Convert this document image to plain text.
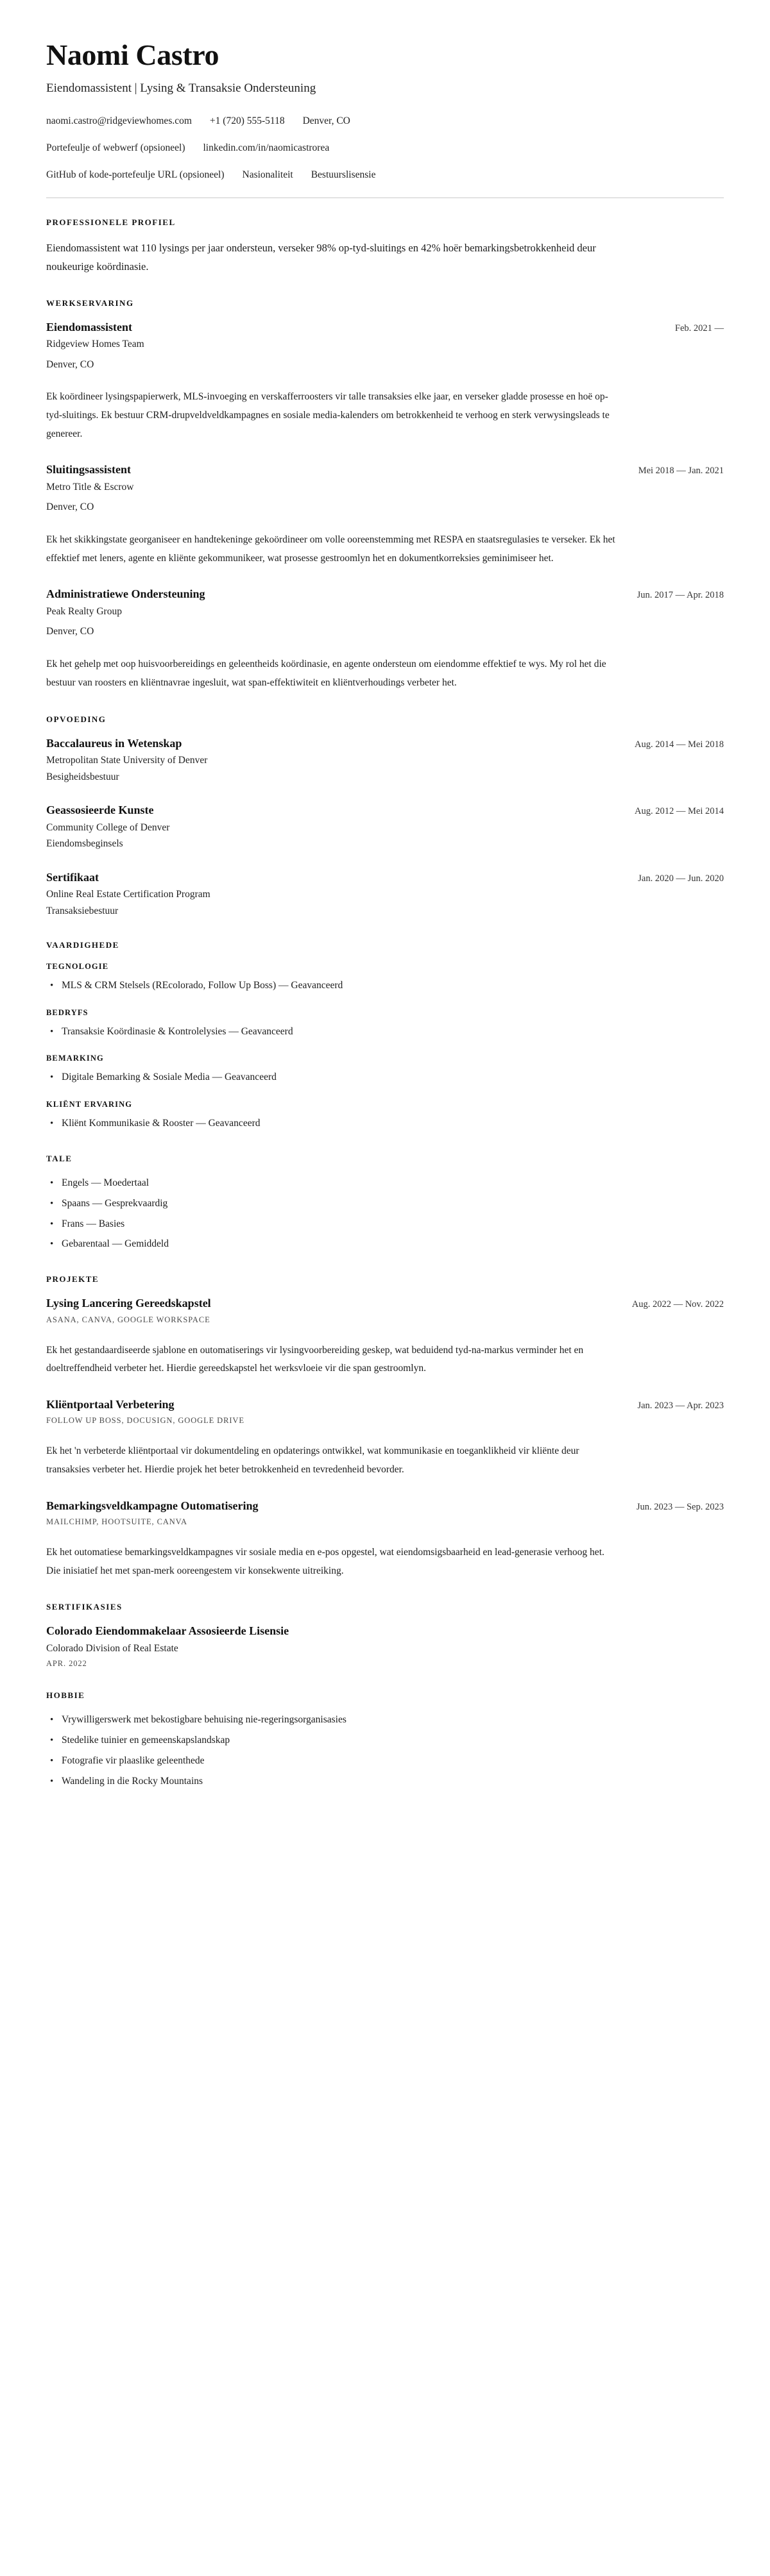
Naomi Castro
Eiendomassistent | Lysing & Transaksie Ondersteuning
naomi.castro@ridgeviewhomes.com +1 (720) 555-5118 Denver, CO
Portefeulje of webwerf (opsioneel) linkedin.com/in/naomicastrorea
GitHub of kode-portefeulje URL (opsioneel) Nasionaliteit Bestuurslisensie
PROFESSIONELE PROFIEL

Eiendomassistent wat 110 lysings per jaar ondersteun, verseker 98% op-tyd-sluitings en 42% hoër bemarkingsbetrokkenheid deur noukeurige koördinasie.

WERKSERVARING
Eiendomassistent	Feb. 2021 —
Ridgeview Homes Team
Denver, CO
Ek koördineer lysingspapierwerk, MLS-invoeging en verskafferroosters vir talle transaksies elke jaar, en verseker gladde prosesse en hoë op-tyd-sluitings. Ek bestuur CRM-drupveldveldkampagnes en sosiale media-kalenders om betrokkenheid te verhoog en sterk verwysingsleads te genereer.
Sluitingsassistent	Mei 2018 — Jan. 2021
Metro Title & Escrow
Denver, CO
Ek het skikkingstate georganiseer en handtekeninge gekoördineer om volle ooreenstemming met RESPA en staatsregulasies te verseker. Ek het effektief met leners, agente en kliënte gekommunikeer, wat prosesse gestroomlyn het en dokumentkorreksies geminimiseer het.
Administratiewe Ondersteuning	Jun. 2017 — Apr. 2018
Peak Realty Group
Denver, CO
Ek het gehelp met oop huisvoorbereidings en geleentheids koördinasie, en agente ondersteun om eiendomme effektief te wys. My rol het die bestuur van roosters en kliëntnavrae ingesluit, wat span-effektiwiteit en kliëntverhoudings verbeter het.
OPVOEDING
Baccalaureus in Wetenskap	Aug. 2014 — Mei 2018
Metropolitan State University of Denver
Besigheidsbestuur
Geassosieerde Kunste	Aug. 2012 — Mei 2014
Community College of Denver
Eiendomsbeginsels
Sertifikaat	Jan. 2020 — Jun. 2020
Online Real Estate Certification Program
Transaksiebestuur
VAARDIGHEDE
TEGNOLOGIE
• MLS & CRM Stelsels (REcolorado, Follow Up Boss) — Geavanceerd
BEDRYFS
• Transaksie Koördinasie & Kontrolelysies — Geavanceerd
BEMARKING
• Digitale Bemarking & Sosiale Media — Geavanceerd
KLIËNT ERVARING
• Kliënt Kommunikasie & Rooster — Geavanceerd
TALE
• Engels — Moedertaal
• Spaans — Gesprekvaardig
• Frans — Basies
• Gebarentaal — Gemiddeld
PROJEKTE
Lysing Lancering Gereedskapstel	Aug. 2022 — Nov. 2022
ASANA, CANVA, GOOGLE WORKSPACE
Ek het gestandaardiseerde sjablone en outomatiserings vir lysingvoorbereiding geskep, wat beduidend tyd-na-markus verminder het en doeltreffendheid verbeter het. Hierdie gereedskapstel het werksvloeie vir die span gestroomlyn.
Kliëntportaal Verbetering	Jan. 2023 — Apr. 2023
FOLLOW UP BOSS, DOCUSIGN, GOOGLE DRIVE
Ek het 'n verbeterde kliëntportaal vir dokumentdeling en opdaterings ontwikkel, wat kommunikasie en toeganklikheid vir kliënte deur transaksies verbeter het. Hierdie projek het beter betrokkenheid en tevredenheid bevorder.
Bemarkingsveldkampagne Outomatisering	Jun. 2023 — Sep. 2023
MAILCHIMP, HOOTSUITE, CANVA
Ek het outomatiese bemarkingsveldkampagnes vir sosiale media en e-pos opgestel, wat eiendomsigsbaarheid en lead-generasie verhoog het. Die inisiatief het met span-merk ooreengestem vir konsekwente uitreiking.
SERTIFIKASIES
Colorado Eiendommakelaar Assosieerde Lisensie
Colorado Division of Real Estate
APR. 2022
HOBBIE
• Vrywilligerswerk met bekostigbare behuising nie-regeringsorganisasies
• Stedelike tuinier en gemeenskapslandskap
• Fotografie vir plaaslike geleenthede
• Wandeling in die Rocky Mountains
